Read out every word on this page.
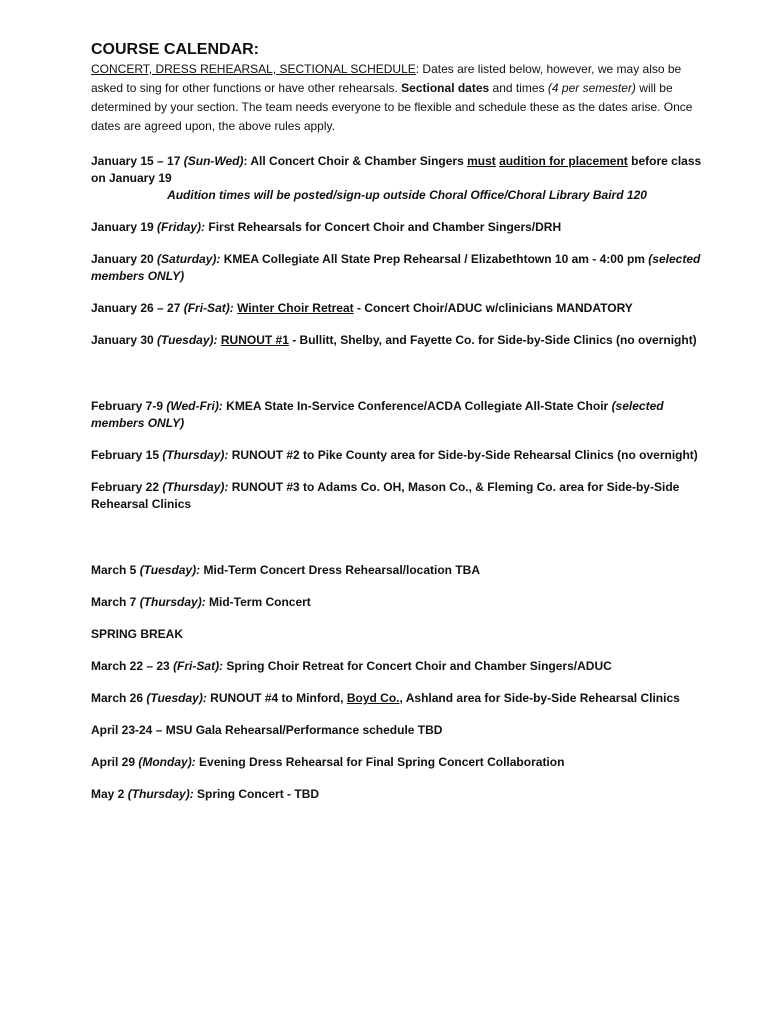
COURSE CALENDAR:

CONCERT, DRESS REHEARSAL, SECTIONAL SCHEDULE: Dates are listed below, however, we may also be asked to sing for other functions or have other rehearsals. Sectional dates and times (4 per semester) will be determined by your section. The team needs everyone to be flexible and schedule these as the dates arise. Once dates are agreed upon, the above rules apply.

January 15 – 17 (Sun-Wed): All Concert Choir & Chamber Singers must audition for placement before class on January 19

Audition times will be posted/sign-up outside Choral Office/Choral Library Baird 120

January 19 (Friday): First Rehearsals for Concert Choir and Chamber Singers/DRH

January 20 (Saturday): KMEA Collegiate All State Prep Rehearsal / Elizabethtown 10 am - 4:00 pm (selected members ONLY)

January 26 – 27 (Fri-Sat): Winter Choir Retreat - Concert Choir/ADUC w/clinicians MANDATORY

January 30 (Tuesday): RUNOUT #1 - Bullitt, Shelby, and Fayette Co. for Side-by-Side Clinics (no overnight)

February 7-9 (Wed-Fri): KMEA State In-Service Conference/ACDA Collegiate All-State Choir (selected members ONLY)

February 15 (Thursday): RUNOUT #2 to Pike County area for Side-by-Side Rehearsal Clinics (no overnight)

February 22 (Thursday): RUNOUT #3 to Adams Co. OH, Mason Co., & Fleming Co. area for Side-by-Side Rehearsal Clinics

March 5 (Tuesday): Mid-Term Concert Dress Rehearsal/location TBA

March 7 (Thursday): Mid-Term Concert

SPRING BREAK

March 22 – 23 (Fri-Sat): Spring Choir Retreat for Concert Choir and Chamber Singers/ADUC

March 26 (Tuesday): RUNOUT #4 to Minford, Boyd Co., Ashland area for Side-by-Side Rehearsal Clinics

April 23-24 – MSU Gala Rehearsal/Performance schedule TBD

April 29 (Monday): Evening Dress Rehearsal for Final Spring Concert Collaboration

May 2 (Thursday): Spring Concert - TBD
